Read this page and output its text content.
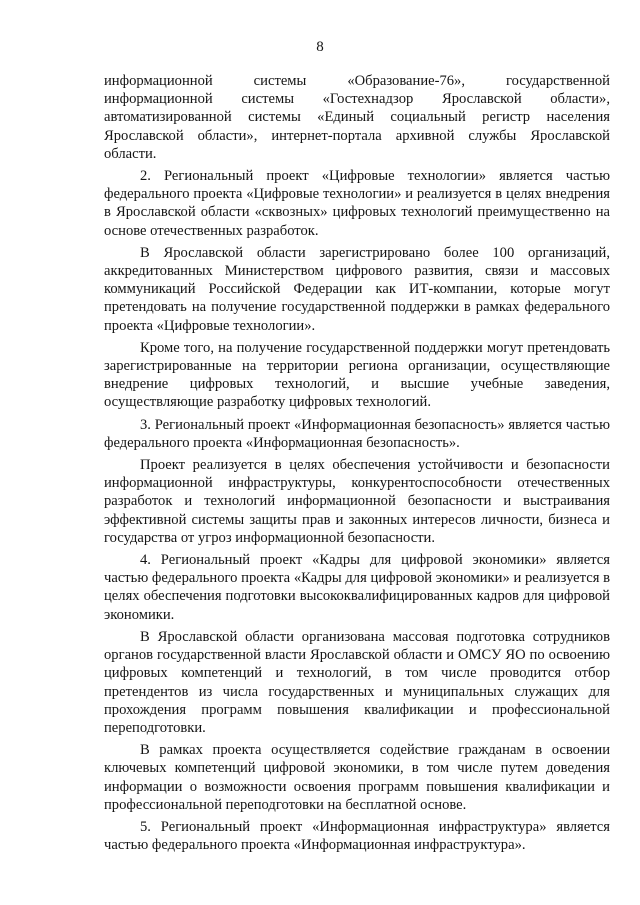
8

информационной системы «Образование-76», государственной информационной системы «Гостехнадзор Ярославской области», автоматизированной системы «Единый социальный регистр населения Ярославской области», интернет-портала архивной службы Ярославской области.

2. Региональный проект «Цифровые технологии» является частью федерального проекта «Цифровые технологии» и реализуется в целях внедрения в Ярославской области «сквозных» цифровых технологий преимущественно на основе отечественных разработок.

В Ярославской области зарегистрировано более 100 организаций, аккредитованных Министерством цифрового развития, связи и массовых коммуникаций Российской Федерации как ИТ-компании, которые могут претендовать на получение государственной поддержки в рамках федерального проекта «Цифровые технологии».

Кроме того, на получение государственной поддержки могут претендовать зарегистрированные на территории региона организации, осуществляющие внедрение цифровых технологий, и высшие учебные заведения, осуществляющие разработку цифровых технологий.

3. Региональный проект «Информационная безопасность» является частью федерального проекта «Информационная безопасность».

Проект реализуется в целях обеспечения устойчивости и безопасности информационной инфраструктуры, конкурентоспособности отечественных разработок и технологий информационной безопасности и выстраивания эффективной системы защиты прав и законных интересов личности, бизнеса и государства от угроз информационной безопасности.

4. Региональный проект «Кадры для цифровой экономики» является частью федерального проекта «Кадры для цифровой экономики» и реализуется в целях обеспечения подготовки высококвалифицированных кадров для цифровой экономики.

В Ярославской области организована массовая подготовка сотрудников органов государственной власти Ярославской области и ОМСУ ЯО по освоению цифровых компетенций и технологий, в том числе проводится отбор претендентов из числа государственных и муниципальных служащих для прохождения программ повышения квалификации и профессиональной переподготовки.

В рамках проекта осуществляется содействие гражданам в освоении ключевых компетенций цифровой экономики, в том числе путем доведения информации о возможности освоения программ повышения квалификации и профессиональной переподготовки на бесплатной основе.

5. Региональный проект «Информационная инфраструктура» является частью федерального проекта «Информационная инфраструктура».
